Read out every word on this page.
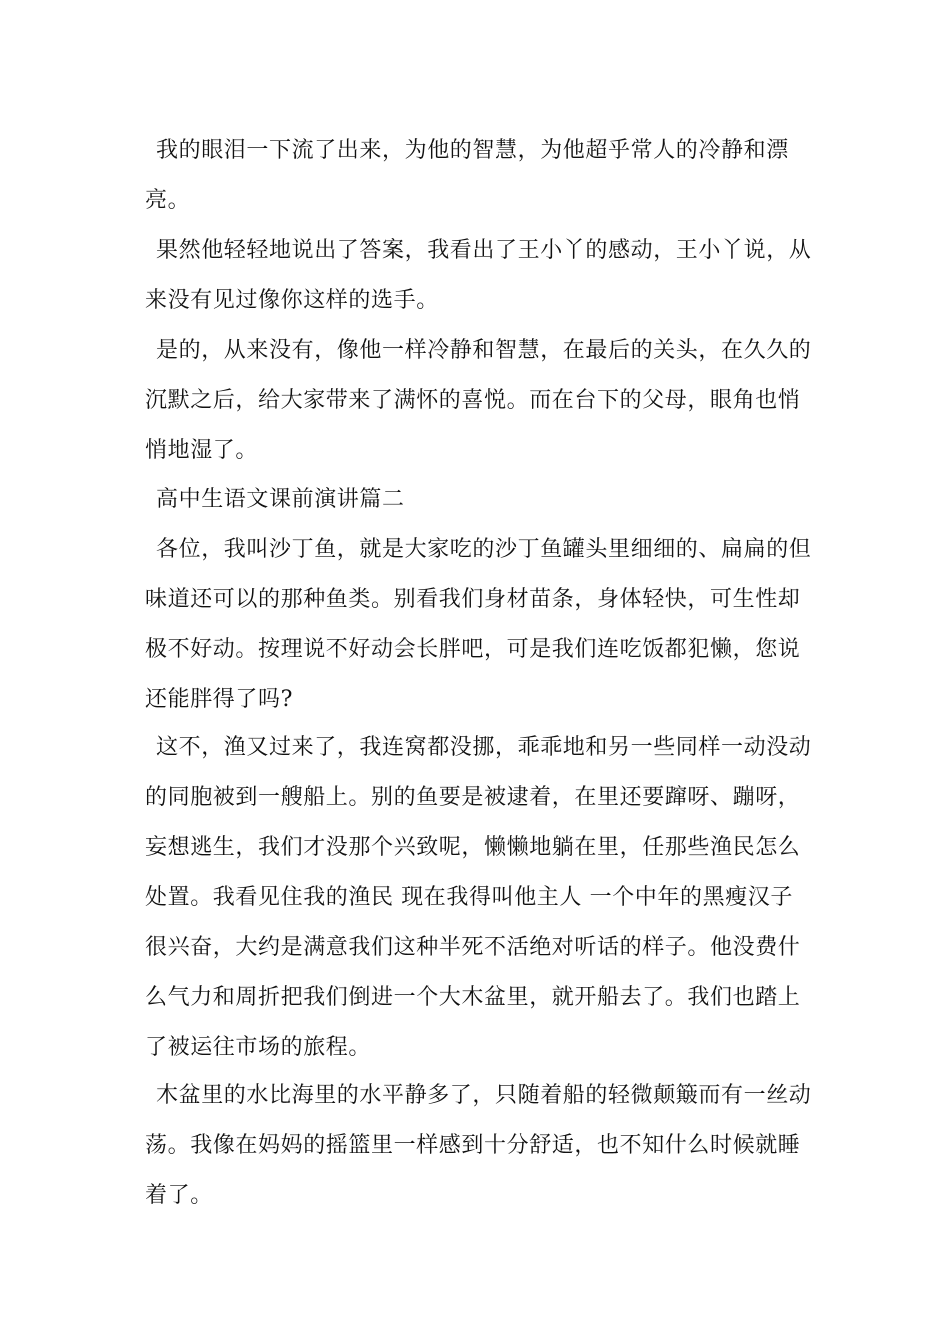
我的眼泪一下流了出来，为他的智慧，为他超乎常人的冷静和漂亮。

果然他轻轻地说出了答案，我看出了王小丫的感动，王小丫说，从来没有见过像你这样的选手。

是的，从来没有，像他一样冷静和智慧，在最后的关头，在久久的沉默之后，给大家带来了满怀的喜悦。而在台下的父母，眼角也悄悄地湿了。

高中生语文课前演讲篇二

各位，我叫沙丁鱼，就是大家吃的沙丁鱼罐头里细细的、扁扁的但味道还可以的那种鱼类。别看我们身材苗条，身体轻快，可生性却极不好动。按理说不好动会长胖吧，可是我们连吃饭都犯懒，您说还能胖得了吗?

这不，渔又过来了，我连窝都没挪，乖乖地和另一些同样一动没动的同胞被到一艘船上。别的鱼要是被逮着，在里还要蹿呀、蹦呀，妄想逃生，我们才没那个兴致呢，懒懒地躺在里，任那些渔民怎么处置。我看见住我的渔民 现在我得叫他主人 一个中年的黑瘦汉子很兴奋，大约是满意我们这种半死不活绝对听话的样子。他没费什么气力和周折把我们倒进一个大木盆里，就开船去了。我们也踏上了被运往市场的旅程。

木盆里的水比海里的水平静多了，只随着船的轻微颠簸而有一丝动荡。我像在妈妈的摇篮里一样感到十分舒适，也不知什么时候就睡着了。
